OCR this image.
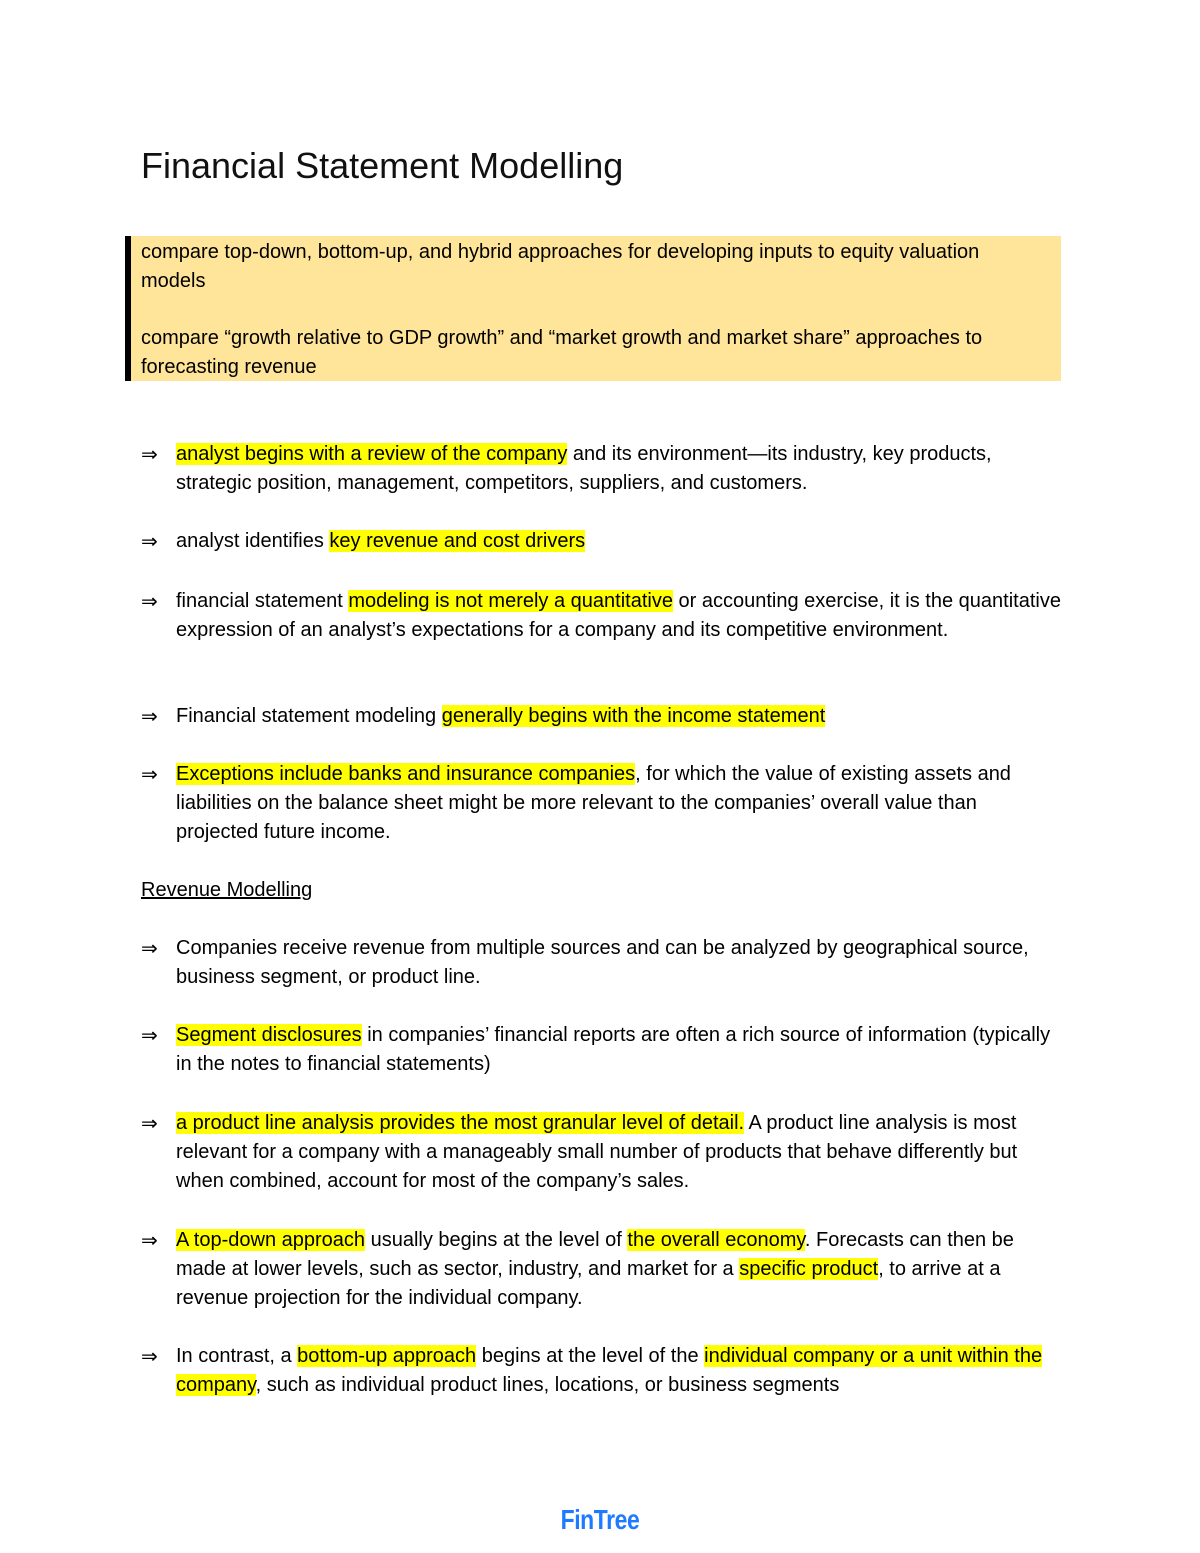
Financial Statement Modelling
compare top-down, bottom-up, and hybrid approaches for developing inputs to equity valuation models
compare “growth relative to GDP growth” and “market growth and market share” approaches to forecasting revenue
⇒ analyst begins with a review of the company and its environment—its industry, key products, strategic position, management, competitors, suppliers, and customers.
⇒ analyst identifies key revenue and cost drivers
⇒ financial statement modeling is not merely a quantitative or accounting exercise, it is the quantitative expression of an analyst’s expectations for a company and its competitive environment.
⇒ Financial statement modeling generally begins with the income statement
⇒ Exceptions include banks and insurance companies, for which the value of existing assets and liabilities on the balance sheet might be more relevant to the companies’ overall value than projected future income.
Revenue Modelling
⇒ Companies receive revenue from multiple sources and can be analyzed by geographical source, business segment, or product line.
⇒ Segment disclosures in companies’ financial reports are often a rich source of information (typically in the notes to financial statements)
⇒ a product line analysis provides the most granular level of detail. A product line analysis is most relevant for a company with a manageably small number of products that behave differently but when combined, account for most of the company’s sales.
⇒ A top-down approach usually begins at the level of the overall economy. Forecasts can then be made at lower levels, such as sector, industry, and market for a specific product, to arrive at a revenue projection for the individual company.
⇒ In contrast, a bottom-up approach begins at the level of the individual company or a unit within the company, such as individual product lines, locations, or business segments
FinTree
